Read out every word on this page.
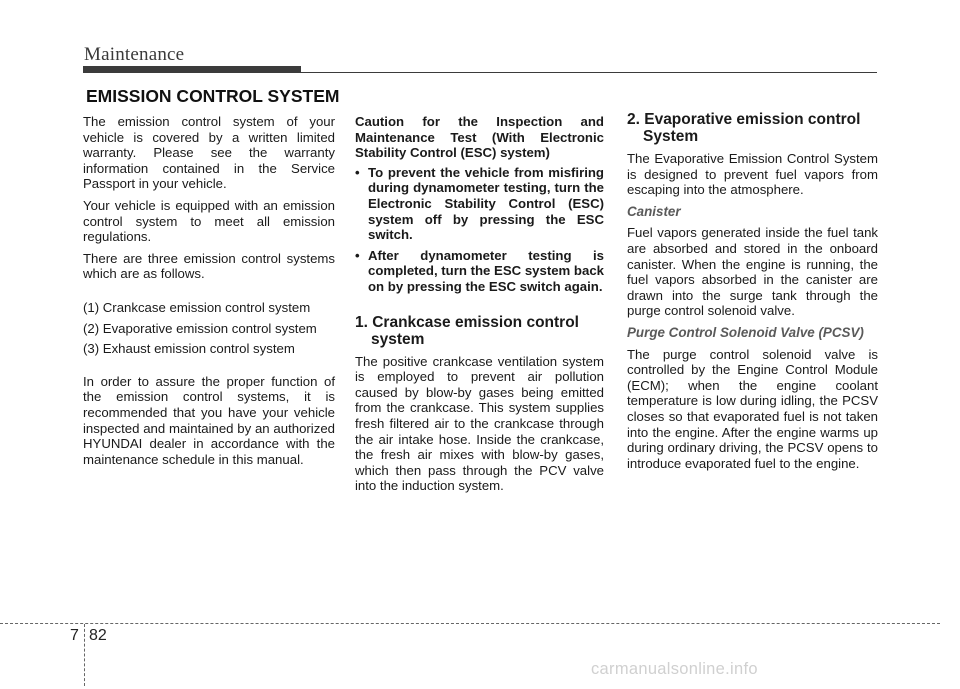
Maintenance
EMISSION CONTROL SYSTEM

The emission control system of your vehicle is covered by a written limited warranty. Please see the warranty information contained in the Service Passport in your vehicle.

Your vehicle is equipped with an emission control system to meet all emission regulations.

There are three emission control systems which are as follows.

(1) Crankcase emission control system
(2) Evaporative emission control system
(3) Exhaust emission control system

In order to assure the proper function of the emission control systems, it is recommended that you have your vehicle inspected and maintained by an authorized HYUNDAI dealer in accordance with the maintenance schedule in this manual.

Caution for the Inspection and Maintenance Test (With Electronic Stability Control (ESC) system)

• To prevent the vehicle from misfiring during dynamometer testing, turn the Electronic Stability Control (ESC) system off by pressing the ESC switch.
• After dynamometer testing is completed, turn the ESC system back on by pressing the ESC switch again.

1. Crankcase emission control system

The positive crankcase ventilation system is employed to prevent air pollution caused by blow-by gases being emitted from the crankcase. This system supplies fresh filtered air to the crankcase through the air intake hose. Inside the crankcase, the fresh air mixes with blow-by gases, which then pass through the PCV valve into the induction system.

2. Evaporative emission control System

The Evaporative Emission Control System is designed to prevent fuel vapors from escaping into the atmosphere.

Canister

Fuel vapors generated inside the fuel tank are absorbed and stored in the onboard canister. When the engine is running, the fuel vapors absorbed in the canister are drawn into the surge tank through the purge control solenoid valve.

Purge Control Solenoid Valve (PCSV)

The purge control solenoid valve is controlled by the Engine Control Module (ECM); when the engine coolant temperature is low during idling, the PCSV closes so that evaporated fuel is not taken into the engine. After the engine warms up during ordinary driving, the PCSV opens to introduce evaporated fuel to the engine.

7 82
carmanualsonline.info
